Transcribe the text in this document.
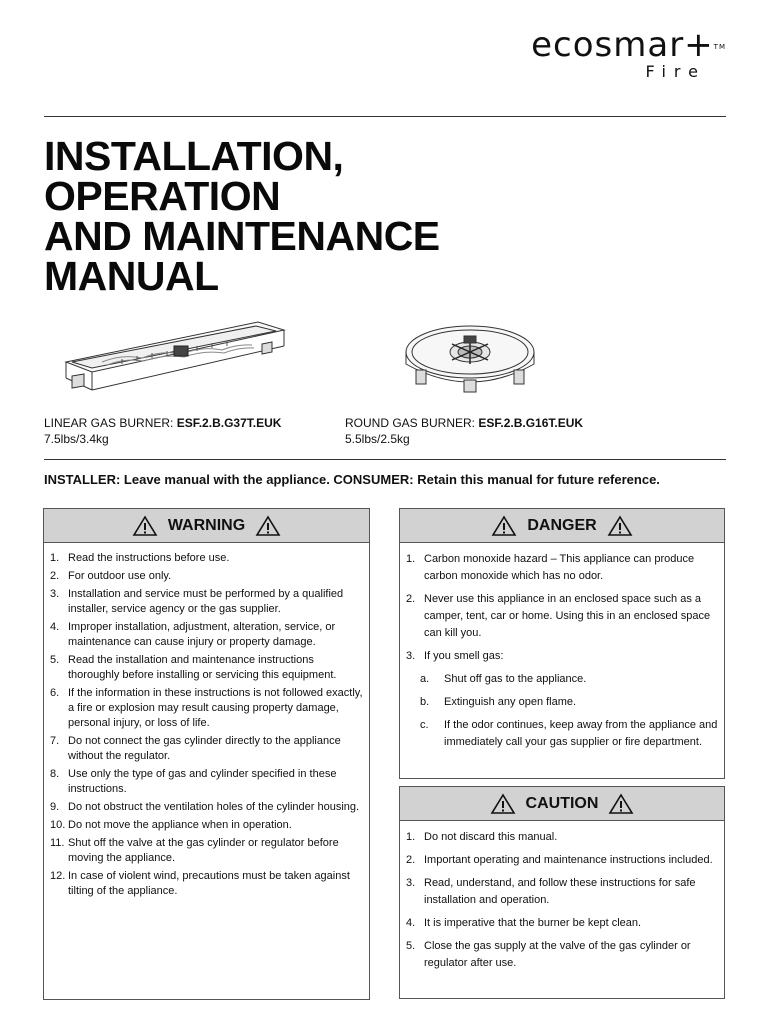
ecosmar+™
Fire
INSTALLATION,
OPERATION
AND MAINTENANCE
MANUAL
LINEAR GAS BURNER: ESF.2.B.G37T.EUK
7.5lbs/3.4kg
ROUND GAS BURNER: ESF.2.B.G16T.EUK
5.5lbs/2.5kg
INSTALLER: Leave manual with the appliance. CONSUMER: Retain this manual for future reference.
WARNING
1. Read the instructions before use.
2. For outdoor use only.
3. Installation and service must be performed by a qualified installer, service agency or the gas supplier.
4. Improper installation, adjustment, alteration, service, or maintenance can cause injury or property damage.
5. Read the installation and maintenance instructions thoroughly before installing or servicing this equipment.
6. If the information in these instructions is not followed exactly, a fire or explosion may result causing property damage, personal injury, or loss of life.
7. Do not connect the gas cylinder directly to the appliance without the regulator.
8. Use only the type of gas and cylinder specified in these instructions.
9. Do not obstruct the ventilation holes of the cylinder housing.
10. Do not move the appliance when in operation.
11. Shut off the valve at the gas cylinder or regulator before moving the appliance.
12. In case of violent wind, precautions must be taken against tilting of the appliance.
DANGER
1. Carbon monoxide hazard – This appliance can produce carbon monoxide which has no odor.
2. Never use this appliance in an enclosed space such as a camper, tent, car or home. Using this in an enclosed space can kill you.
3. If you smell gas:
a.	Shut off gas to the appliance.
b.	Extinguish any open flame.
c.	If the odor continues, keep away from the appliance and immediately call your gas supplier or fire department.
CAUTION
1. Do not discard this manual.
2. Important operating and maintenance instructions included.
3. Read, understand, and follow these instructions for safe installation and operation.
4. It is imperative that the burner be kept clean.
5. Close the gas supply at the valve of the gas cylinder or regulator after use.
